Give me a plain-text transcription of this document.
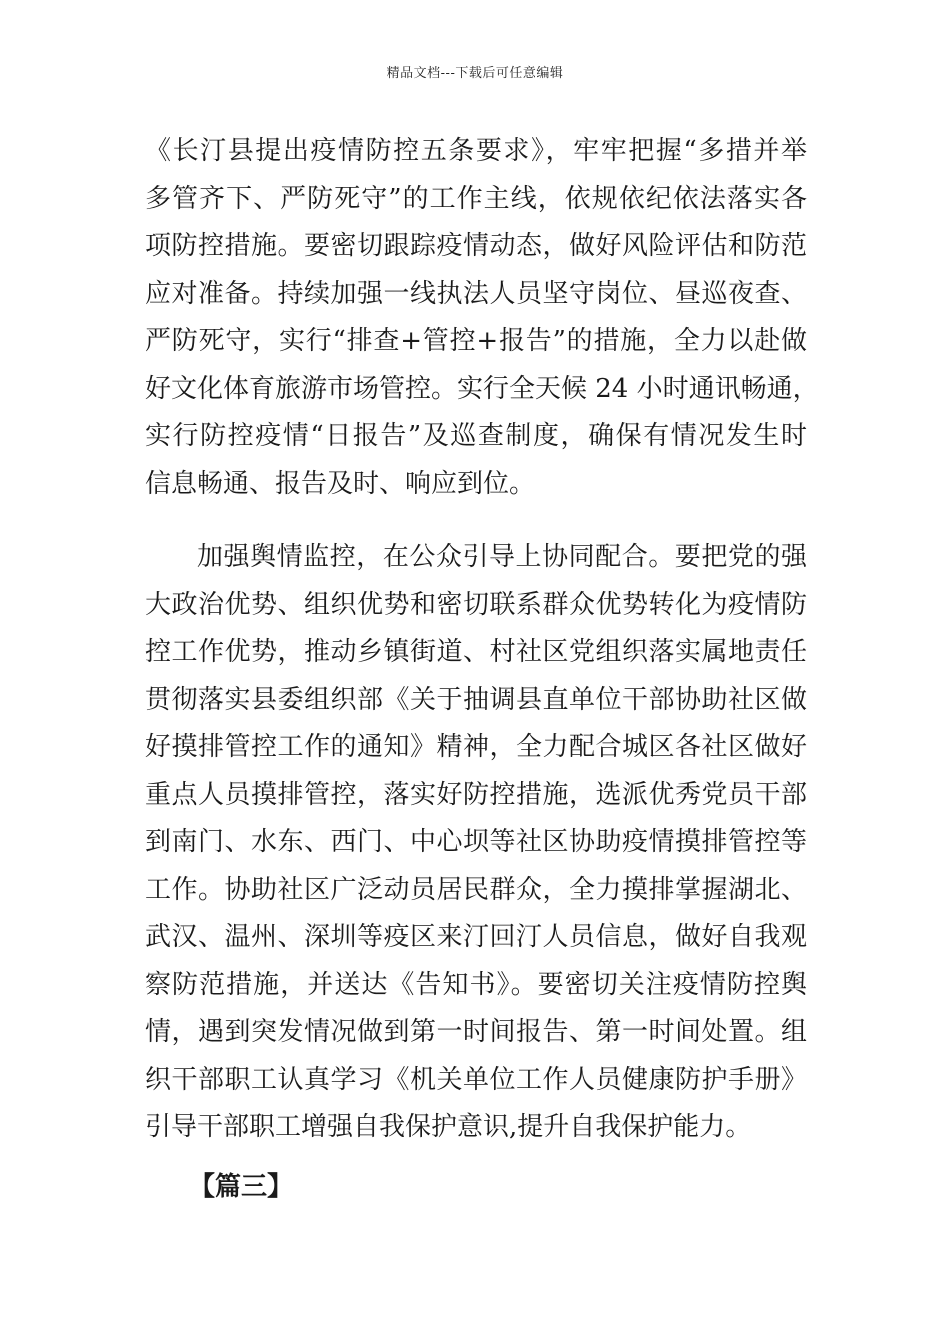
精品文档---下载后可任意编辑

《长汀县提出疫情防控五条要求》，牢牢把握“多措并举
多管齐下、严防死守”的工作主线，依规依纪依法落实各
项防控措施。要密切跟踪疫情动态，做好风险评估和防范
应对准备。持续加强一线执法人员坚守岗位、昼巡夜查、
严防死守，实行“排查+管控+报告”的措施，全力以赴做
好文化体育旅游市场管控。实行全天候 24 小时通讯畅通，
实行防控疫情“日报告”及巡查制度，确保有情况发生时
信息畅通、报告及时、响应到位。

加强舆情监控，在公众引导上协同配合。要把党的强
大政治优势、组织优势和密切联系群众优势转化为疫情防
控工作优势，推动乡镇街道、村社区党组织落实属地责任
贯彻落实县委组织部《关于抽调县直单位干部协助社区做
好摸排管控工作的通知》精神，全力配合城区各社区做好
重点人员摸排管控，落实好防控措施，选派优秀党员干部
到南门、水东、西门、中心坝等社区协助疫情摸排管控等
工作。协助社区广泛动员居民群众，全力摸排掌握湖北、
武汉、温州、深圳等疫区来汀回汀人员信息，做好自我观
察防范措施，并送达《告知书》。要密切关注疫情防控舆
情，遇到突发情况做到第一时间报告、第一时间处置。组
织干部职工认真学习《机关单位工作人员健康防护手册》
引导干部职工增强自我保护意识,提升自我保护能力。

【篇三】
